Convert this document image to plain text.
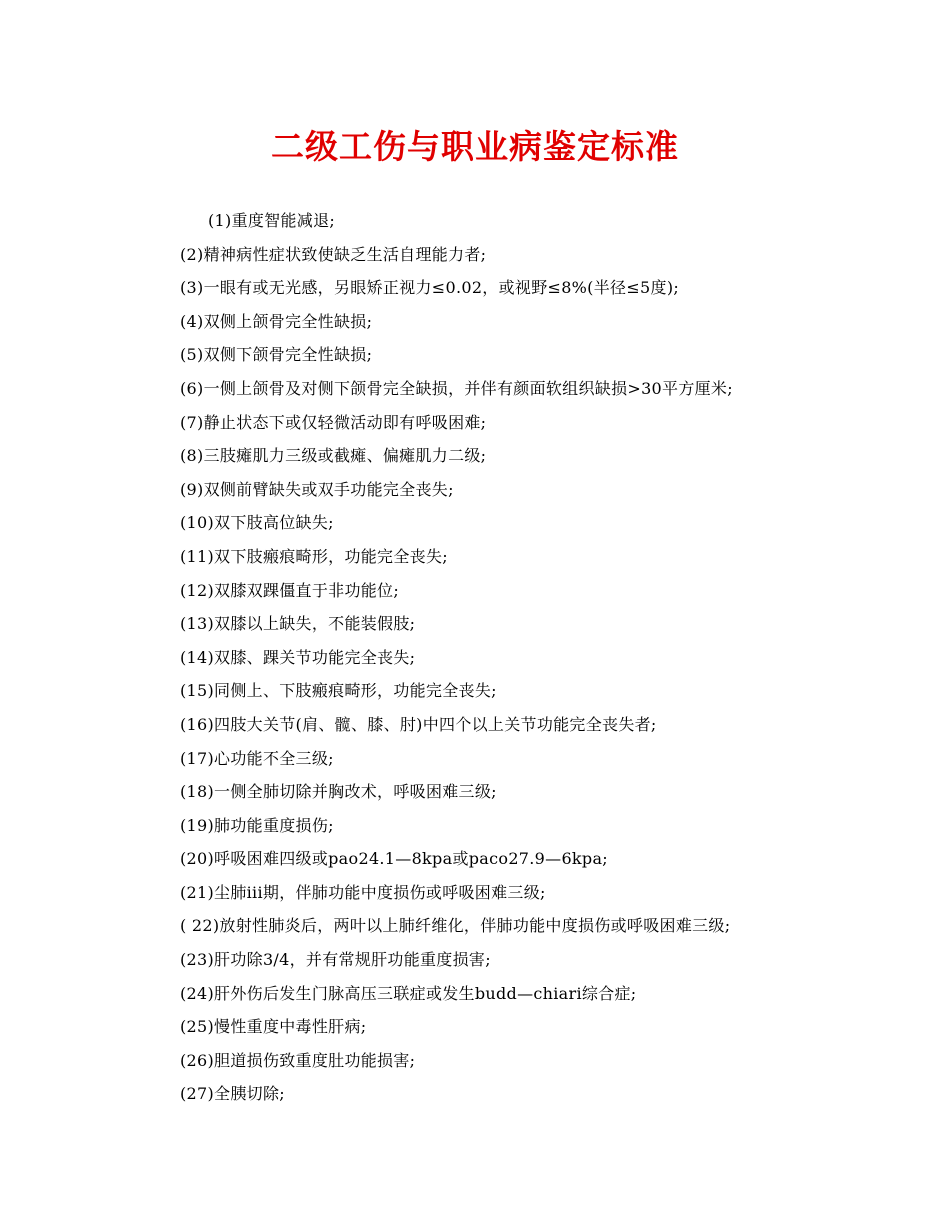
二级工伤与职业病鉴定标准
(1)重度智能减退;
(2)精神病性症状致使缺乏生活自理能力者;
(3)一眼有或无光感，另眼矫正视力≤0.02，或视野≤8%(半径≤5度);
(4)双侧上颌骨完全性缺损;
(5)双侧下颌骨完全性缺损;
(6)一侧上颌骨及对侧下颌骨完全缺损，并伴有颜面软组织缺损>30平方厘米;
(7)静止状态下或仅轻微活动即有呼吸困难;
(8)三肢瘫肌力三级或截瘫、偏瘫肌力二级;
(9)双侧前臂缺失或双手功能完全丧失;
(10)双下肢高位缺失;
(11)双下肢瘢痕畸形，功能完全丧失;
(12)双膝双踝僵直于非功能位;
(13)双膝以上缺失，不能装假肢;
(14)双膝、踝关节功能完全丧失;
(15)同侧上、下肢瘢痕畸形，功能完全丧失;
(16)四肢大关节(肩、髋、膝、肘)中四个以上关节功能完全丧失者;
(17)心功能不全三级;
(18)一侧全肺切除并胸改术，呼吸困难三级;
(19)肺功能重度损伤;
(20)呼吸困难四级或pao24.1—8kpa或paco27.9—6kpa;
(21)尘肺iii期，伴肺功能中度损伤或呼吸困难三级;
( 22)放射性肺炎后，两叶以上肺纤维化，伴肺功能中度损伤或呼吸困难三级;
(23)肝功除3/4，并有常规肝功能重度损害;
(24)肝外伤后发生门脉高压三联症或发生budd—chiari综合症;
(25)慢性重度中毒性肝病;
(26)胆道损伤致重度肚功能损害;
(27)全胰切除;
